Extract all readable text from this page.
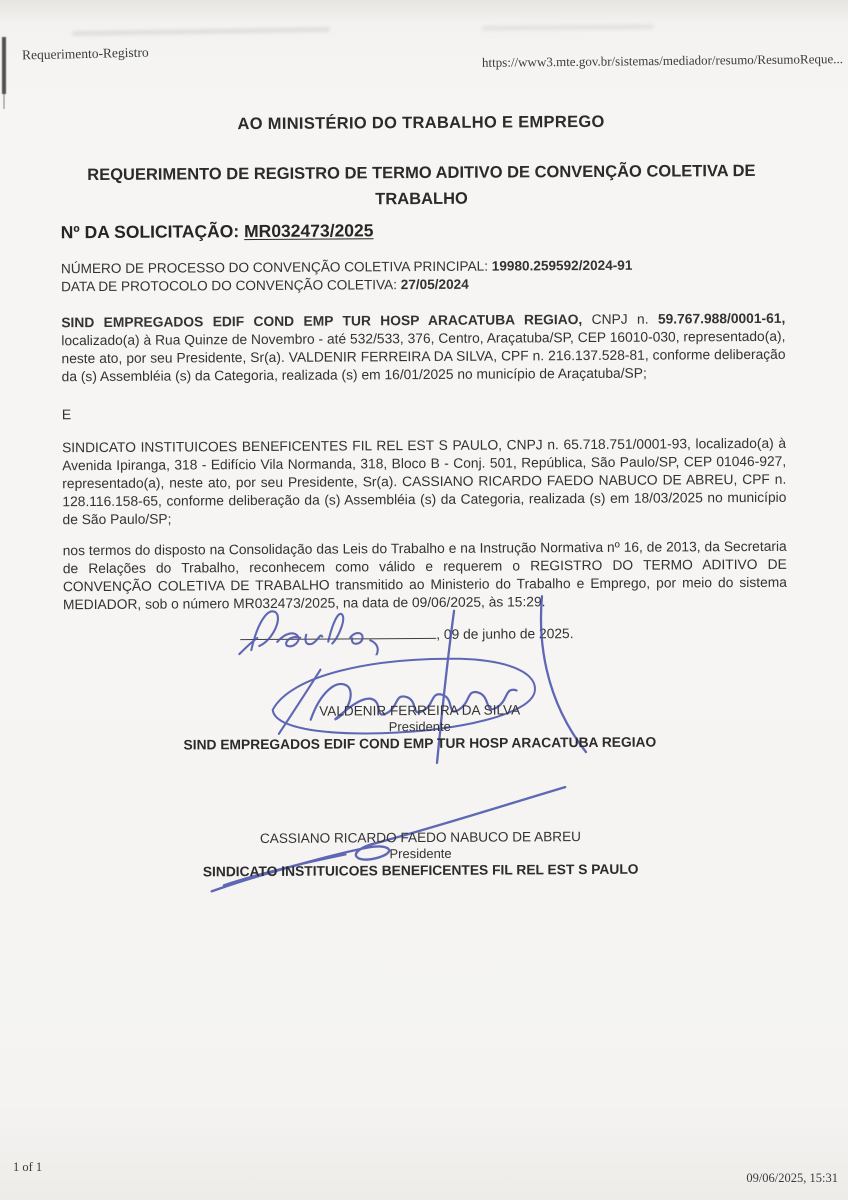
Requerimento-Registro	https://www3.mte.gov.br/sistemas/mediador/resumo/ResumoReque...
AO MINISTÉRIO DO TRABALHO E EMPREGO
REQUERIMENTO DE REGISTRO DE TERMO ADITIVO DE CONVENÇÃO COLETIVA DE TRABALHO
Nº DA SOLICITAÇÃO: MR032473/2025
NÚMERO DE PROCESSO DO CONVENÇÃO COLETIVA PRINCIPAL: 19980.259592/2024-91
DATA DE PROTOCOLO DO CONVENÇÃO COLETIVA: 27/05/2024
SIND EMPREGADOS EDIF COND EMP TUR HOSP ARACATUBA REGIAO, CNPJ n. 59.767.988/0001-61, localizado(a) à Rua Quinze de Novembro - até 532/533, 376, Centro, Araçatuba/SP, CEP 16010-030, representado(a), neste ato, por seu Presidente, Sr(a). VALDENIR FERREIRA DA SILVA, CPF n. 216.137.528-81, conforme deliberação da (s) Assembléia (s) da Categoria, realizada (s) em 16/01/2025 no município de Araçatuba/SP;
E
SINDICATO INSTITUICOES BENEFICENTES FIL REL EST S PAULO, CNPJ n. 65.718.751/0001-93, localizado(a) à Avenida Ipiranga, 318 - Edifício Vila Normanda, 318, Bloco B - Conj. 501, República, São Paulo/SP, CEP 01046-927, representado(a), neste ato, por seu Presidente, Sr(a). CASSIANO RICARDO FAEDO NABUCO DE ABREU, CPF n. 128.116.158-65, conforme deliberação da (s) Assembléia (s) da Categoria, realizada (s) em 18/03/2025 no município de São Paulo/SP;
nos termos do disposto na Consolidação das Leis do Trabalho e na Instrução Normativa nº 16, de 2013, da Secretaria de Relações do Trabalho, reconhecem como válido e requerem o REGISTRO DO TERMO ADITIVO DE CONVENÇÃO COLETIVA DE TRABALHO transmitido ao Ministerio do Trabalho e Emprego, por meio do sistema MEDIADOR, sob o número MR032473/2025, na data de 09/06/2025, às 15:29.
, 09 de junho de 2025.
VALDENIR FERREIRA DA SILVA
Presidente
SIND EMPREGADOS EDIF COND EMP TUR HOSP ARACATUBA REGIAO
CASSIANO RICARDO FAEDO NABUCO DE ABREU
Presidente
SINDICATO INSTITUICOES BENEFICENTES FIL REL EST S PAULO
1 of 1
09/06/2025, 15:31
